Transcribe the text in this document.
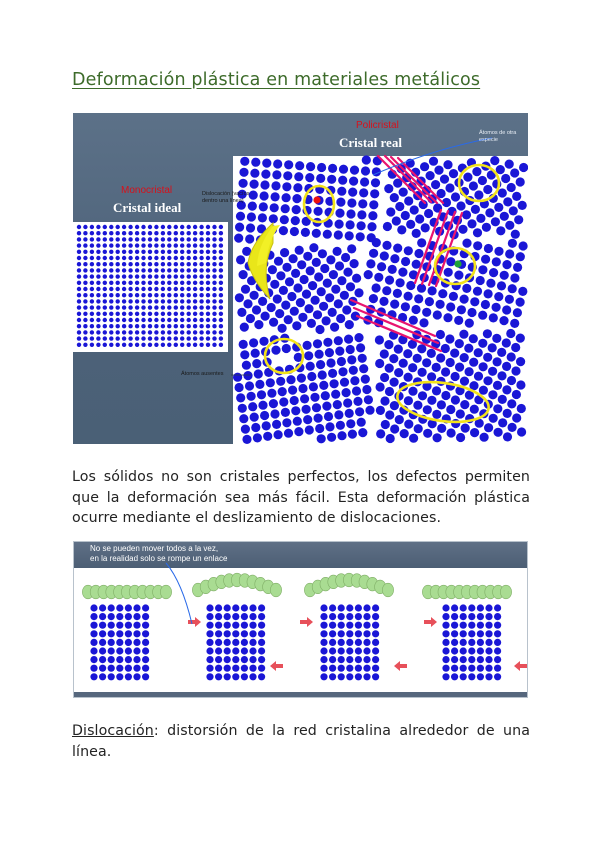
Deformación plástica en materiales metálicos
Policristal
Cristal real
Monocristal
Cristal ideal
Dislocación (vacíos dentro una línea)
Átomos de otra especie
Átomos ausentes
Los sólidos no son cristales perfectos, los defectos permiten que la deformación sea más fácil. Esta deformación plástica ocurre mediante el deslizamiento de dislocaciones.
No se pueden mover todos a la vez,
en la realidad solo se rompe un enlace
Dislocación: distorsión de la red cristalina alrededor de una línea.
